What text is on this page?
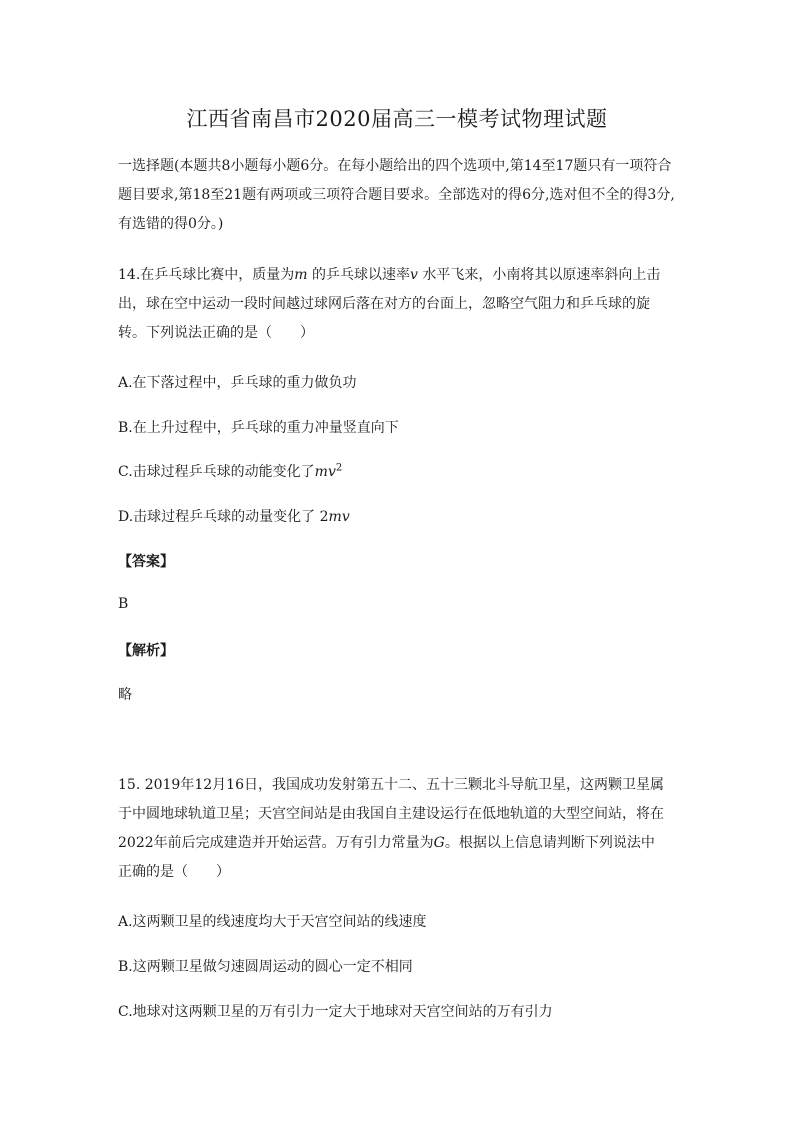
江西省南昌市2020届高三一模考试物理试题
一选择题(本题共8小题每小题6分。在每小题给出的四个选项中,第14至17题只有一项符合
题目要求,第18至21题有两项或三项符合题目要求。全部选对的得6分,选对但不全的得3分,
有选错的得0分。)
14.在乒乓球比赛中，质量为m 的乒乓球以速率v 水平飞来，小南将其以原速率斜向上击
出，球在空中运动一段时间越过球网后落在对方的台面上，忽略空气阻力和乒乓球的旋
转。下列说法正确的是（　　）
A.在下落过程中，乒乓球的重力做负功
B.在上升过程中，乒乓球的重力冲量竖直向下
C.击球过程乒乓球的动能变化了$mv^2$
D.击球过程乒乓球的动量变化了 2mv
【答案】
B
【解析】
略
15. 2019年12月16日，我国成功发射第五十二、五十三颗北斗导航卫星，这两颗卫星属
于中圆地球轨道卫星；天宫空间站是由我国自主建设运行在低地轨道的大型空间站，将在
2022年前后完成建造并开始运营。万有引力常量为G。根据以上信息请判断下列说法中
正确的是（　　）
A.这两颗卫星的线速度均大于天宫空间站的线速度
B.这两颗卫星做匀速圆周运动的圆心一定不相同
C.地球对这两颗卫星的万有引力一定大于地球对天宫空间站的万有引力
